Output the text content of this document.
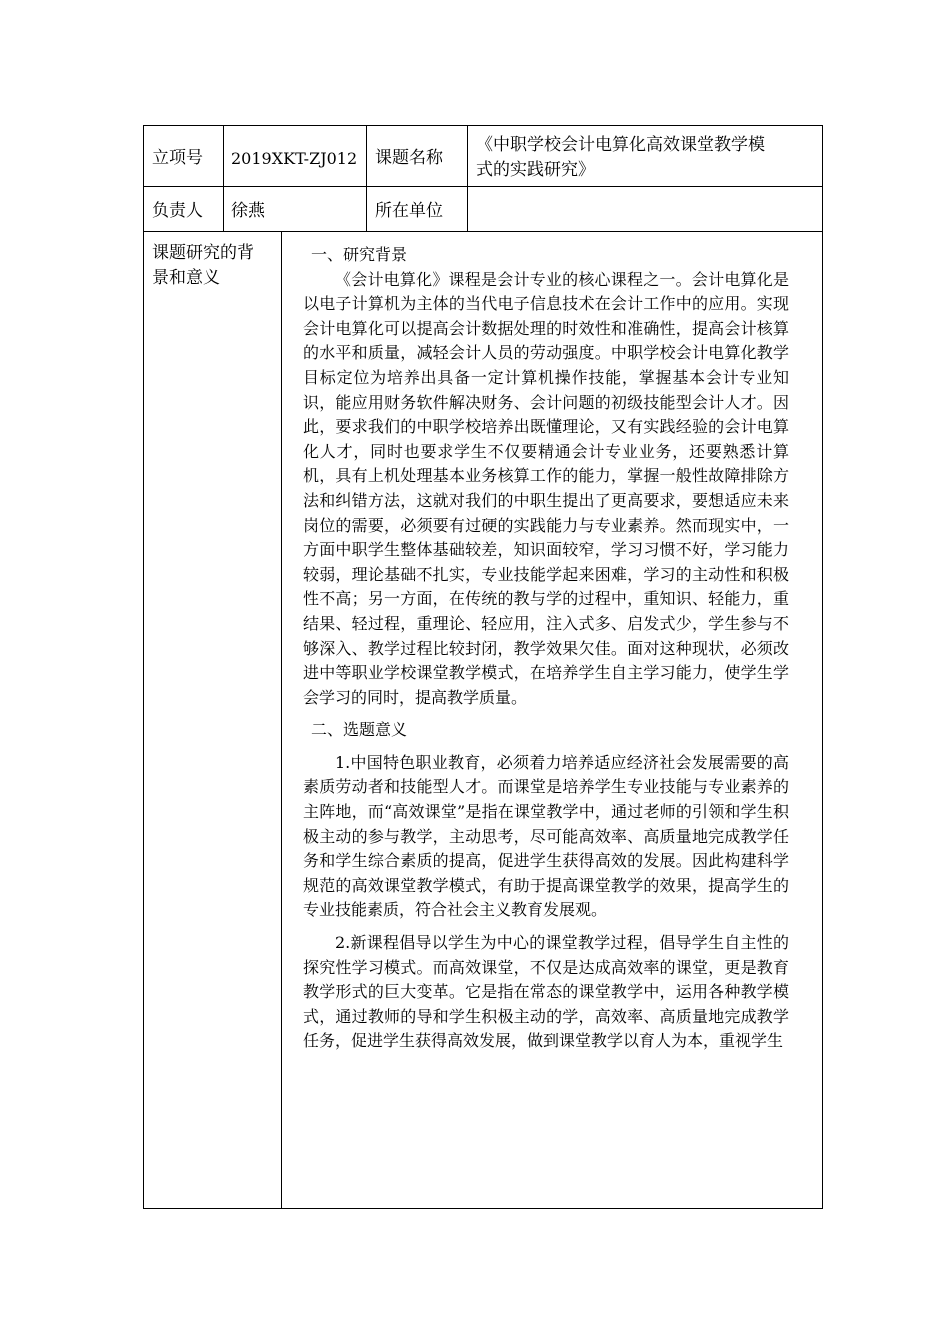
立项号 2019XKT-ZJ012 课题名称
《中职学校会计电算化高效课堂教学模
式的实践研究》
负责人 徐燕	所在单位
课题研究的背
景和意义

一、研究背景

《会计电算化》课程是会计专业的核心课程之一。会计电算化是以电子计算机为主体的当代电子信息技术在会计工作中的应用。实现会计电算化可以提高会计数据处理的时效性和准确性，提高会计核算的水平和质量，减轻会计人员的劳动强度。中职学校会计电算化教学目标定位为培养出具备一定计算机操作技能，掌握基本会计专业知识，能应用财务软件解决财务、会计问题的初级技能型会计人才。因此，要求我们的中职学校培养出既懂理论，又有实践经验的会计电算化人才，同时也要求学生不仅要精通会计专业业务，还要熟悉计算机，具有上机处理基本业务核算工作的能力，掌握一般性故障排除方法和纠错方法，这就对我们的中职生提出了更高要求，要想适应未来岗位的需要，必须要有过硬的实践能力与专业素养。然而现实中，一方面中职学生整体基础较差，知识面较窄，学习习惯不好，学习能力较弱，理论基础不扎实，专业技能学起来困难，学习的主动性和积极性不高；另一方面，在传统的教与学的过程中，重知识、轻能力，重结果、轻过程，重理论、轻应用，注入式多、启发式少，学生参与不够深入、教学过程比较封闭，教学效果欠佳。面对这种现状，必须改进中等职业学校课堂教学模式，在培养学生自主学习能力，使学生学会学习的同时，提高教学质量。

二、选题意义

1.中国特色职业教育，必须着力培养适应经济社会发展需要的高素质劳动者和技能型人才。而课堂是培养学生专业技能与专业素养的主阵地，而“高效课堂”是指在课堂教学中，通过老师的引领和学生积极主动的参与教学，主动思考，尽可能高效率、高质量地完成教学任务和学生综合素质的提高，促进学生获得高效的发展。因此构建科学规范的高效课堂教学模式，有助于提高课堂教学的效果，提高学生的专业技能素质，符合社会主义教育发展观。

2.新课程倡导以学生为中心的课堂教学过程，倡导学生自主性的探究性学习模式。而高效课堂，不仅是达成高效率的课堂，更是教育教学形式的巨大变革。它是指在常态的课堂教学中，运用各种教学模式，通过教师的导和学生积极主动的学，高效率、高质量地完成教学任务，促进学生获得高效发展，做到课堂教学以育人为本，重视学生
